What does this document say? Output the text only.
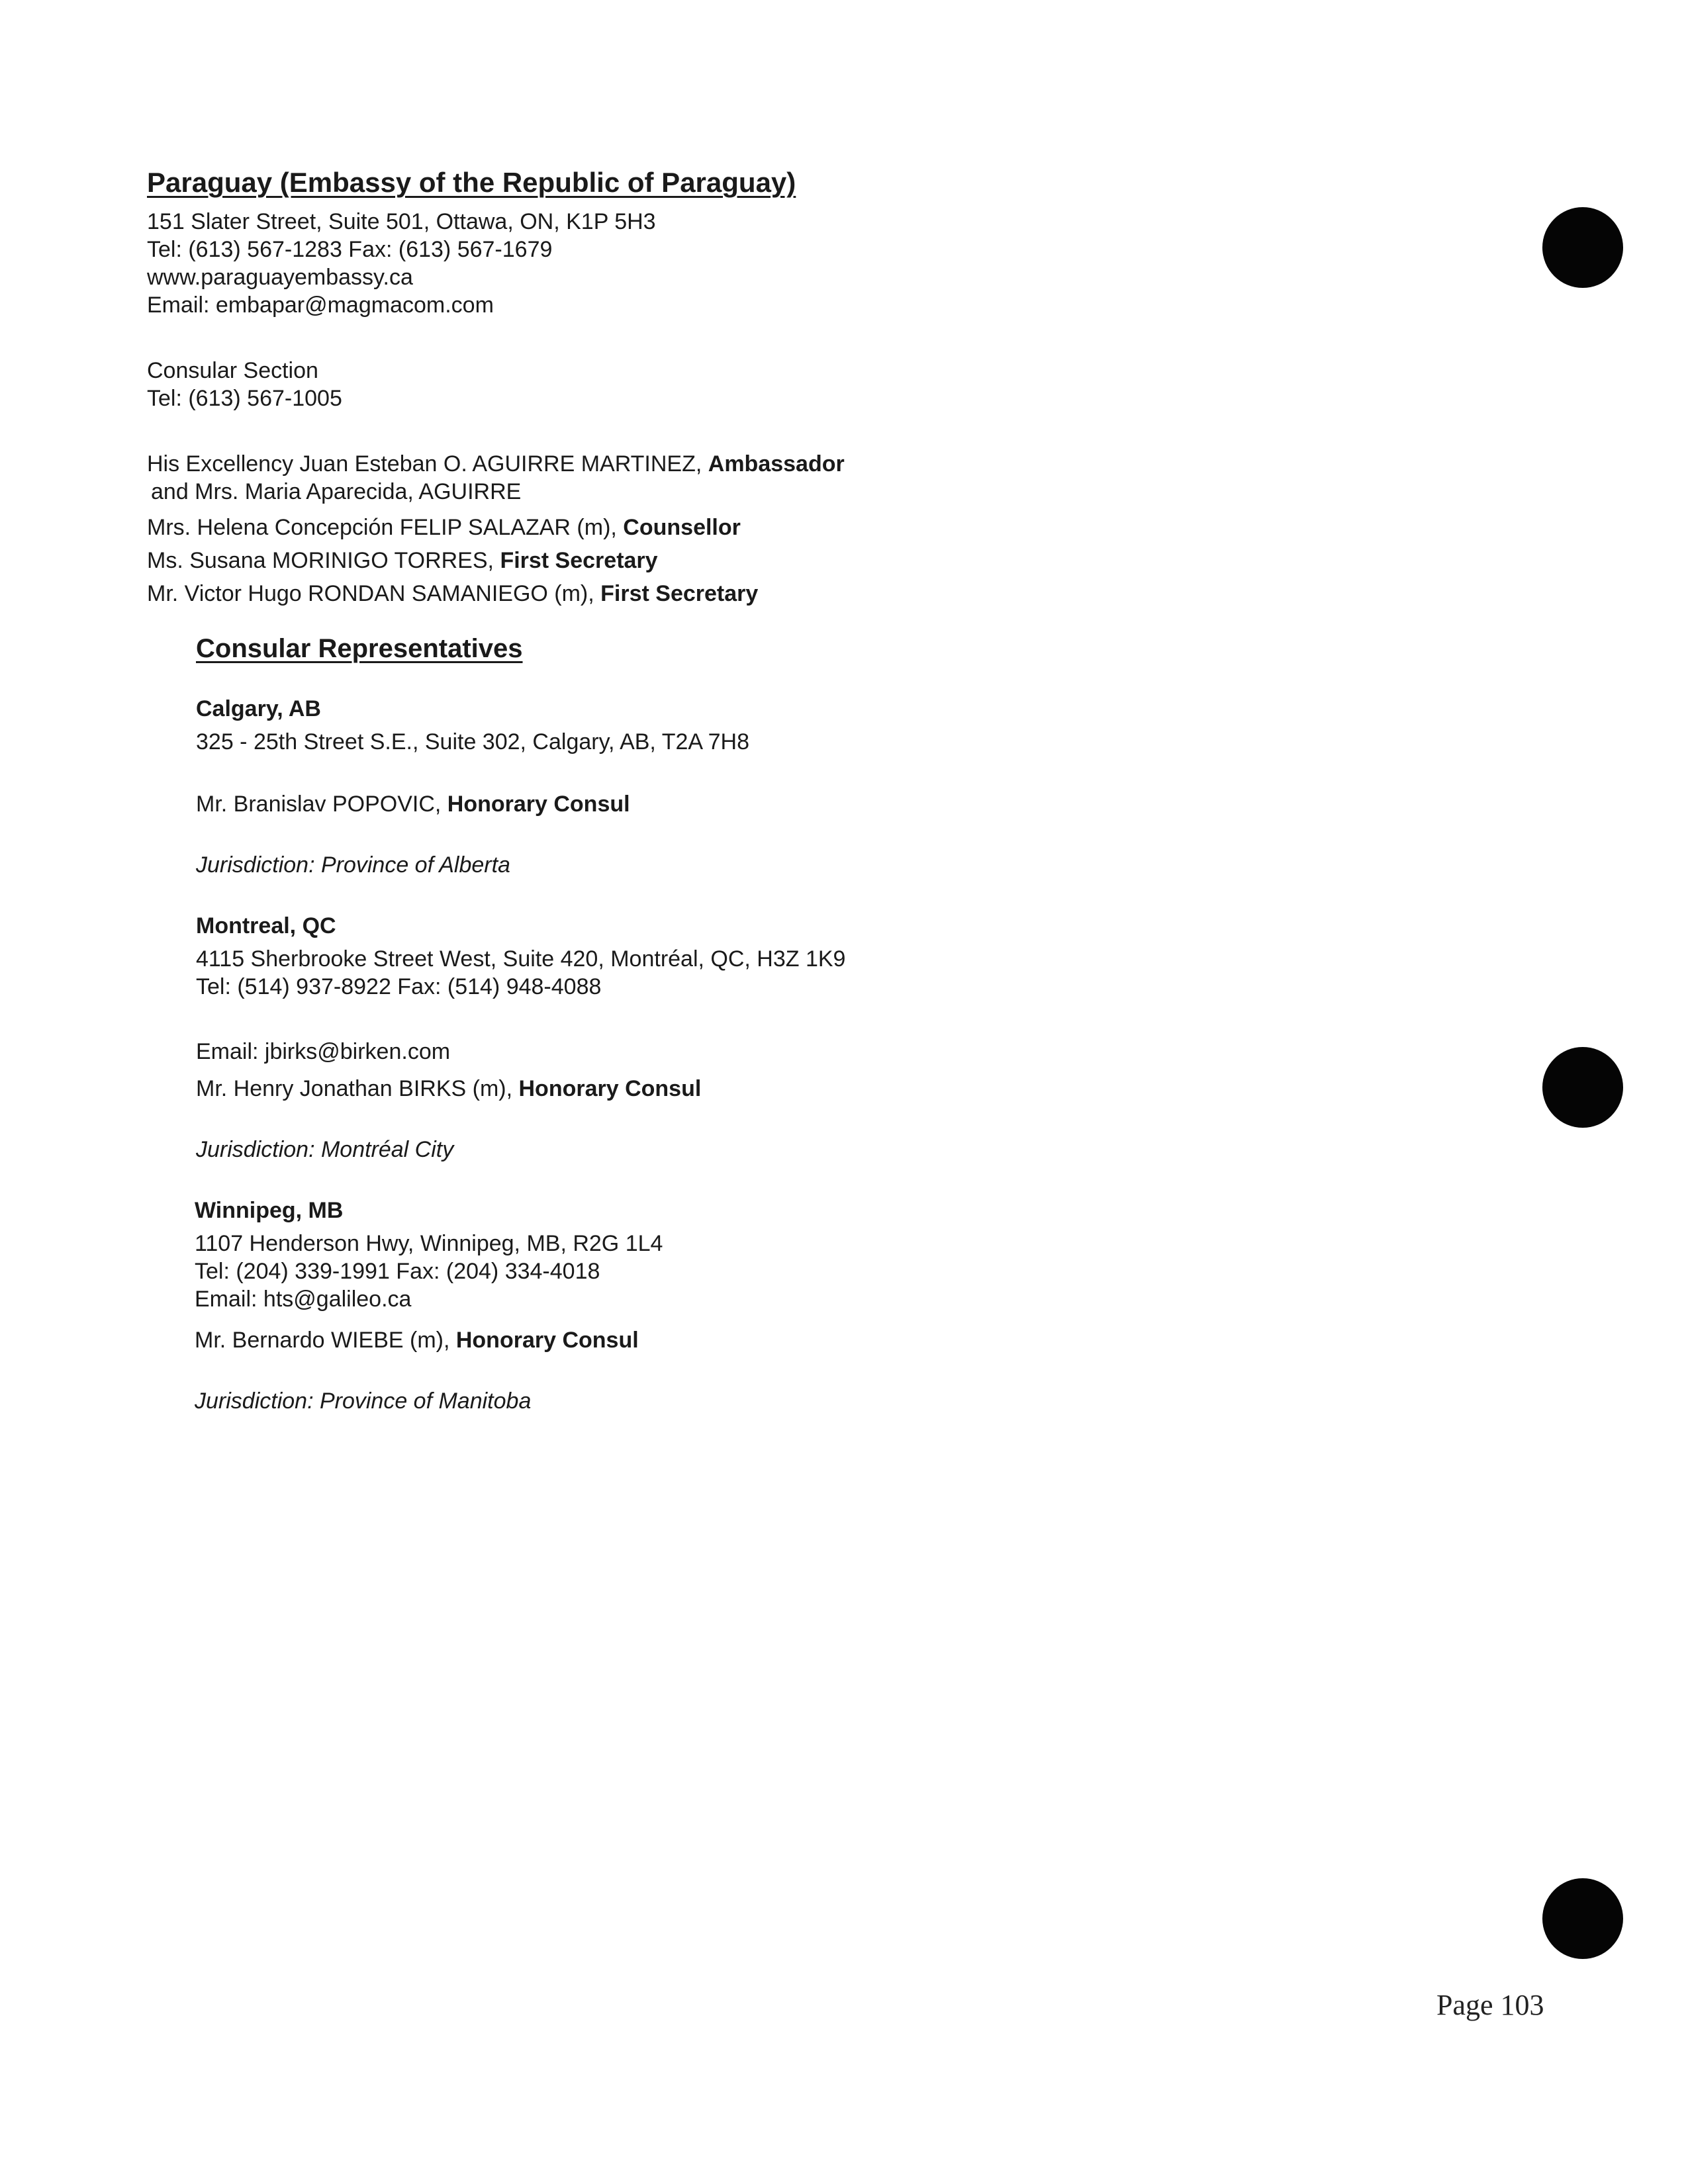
Paraguay (Embassy of the Republic of Paraguay)
151 Slater Street, Suite 501, Ottawa, ON, K1P 5H3
Tel: (613) 567-1283 Fax: (613) 567-1679
www.paraguayembassy.ca
Email: embapar@magmacom.com
Consular Section
Tel: (613) 567-1005
His Excellency Juan Esteban O. AGUIRRE MARTINEZ, Ambassador
and Mrs. Maria Aparecida, AGUIRRE
Mrs. Helena Concepción FELIP SALAZAR (m), Counsellor
Ms. Susana MORINIGO TORRES, First Secretary
Mr. Victor Hugo RONDAN SAMANIEGO (m), First Secretary
Consular Representatives
Calgary, AB
325 - 25th Street S.E., Suite 302, Calgary, AB, T2A 7H8
Mr. Branislav POPOVIC, Honorary Consul
Jurisdiction: Province of Alberta
Montreal, QC
4115 Sherbrooke Street West, Suite 420, Montréal, QC, H3Z 1K9
Tel: (514) 937-8922 Fax: (514) 948-4088
Email: jbirks@birken.com
Mr. Henry Jonathan BIRKS (m), Honorary Consul
Jurisdiction: Montréal City
Winnipeg, MB
1107 Henderson Hwy, Winnipeg, MB, R2G 1L4
Tel: (204) 339-1991 Fax: (204) 334-4018
Email: hts@galileo.ca
Mr. Bernardo WIEBE (m), Honorary Consul
Jurisdiction: Province of Manitoba
Page 103
